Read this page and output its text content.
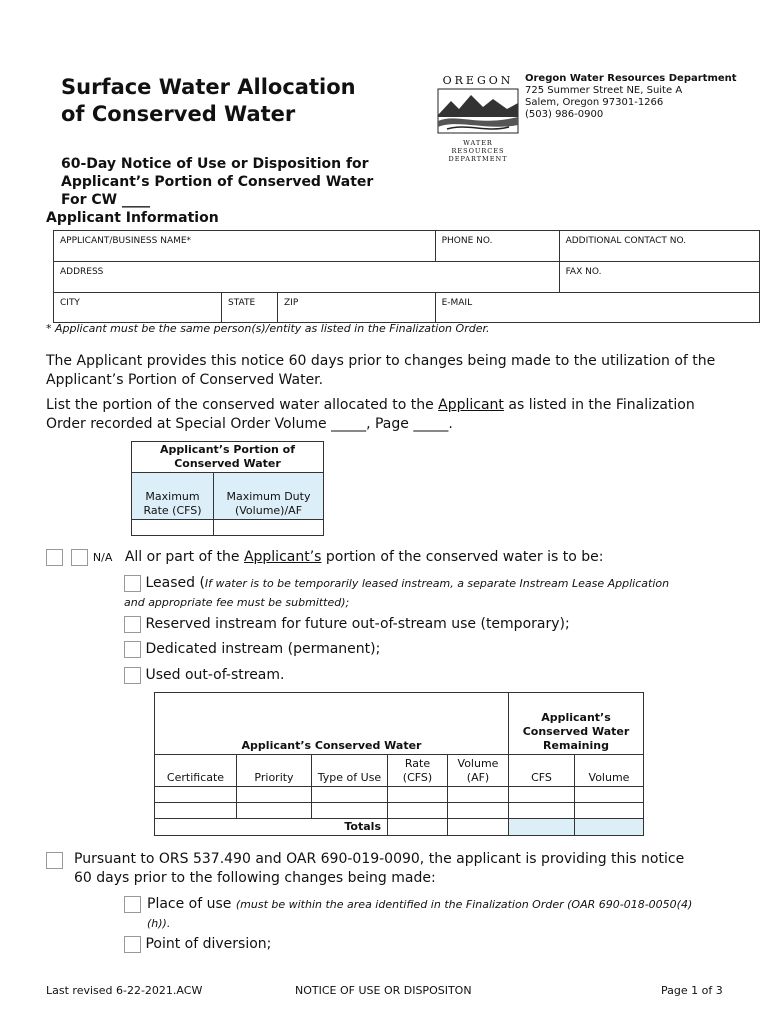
Surface Water Allocation of Conserved Water
60-Day Notice of Use or Disposition for Applicant’s Portion of Conserved Water For CW ____
OREGON
WATER RESOURCES
DEPARTMENT
Oregon Water Resources Department
725 Summer Street NE, Suite A
Salem, Oregon 97301-1266
(503) 986-0900
Applicant Information
APPLICANT/BUSINESS NAME*			PHONE NO.	ADDITIONAL CONTACT NO.
ADDRESS				FAX NO.
CITY	STATE	ZIP	E-MAIL	
* Applicant must be the same person(s)/entity as listed in the Finalization Order.
The Applicant provides this notice 60 days prior to changes being made to the utilization of the Applicant’s Portion of Conserved Water.
List the portion of the conserved water allocated to the Applicant as listed in the Finalization Order recorded at Special Order Volume _____, Page _____.
Applicant’s Portion of Conserved Water	
Maximum Rate (CFS)	Maximum Duty (Volume)/AF

N/A All or part of the Applicant’s portion of the conserved water is to be:
Leased (If water is to be temporarily leased instream, a separate Instream Lease Application and appropriate fee must be submitted);
Reserved instream for future out-of-stream use (temporary);
Dedicated instream (permanent);
Used out-of-stream.
Applicant’s Conserved Water					Applicant’s Conserved Water Remaining	
Certificate	Priority	Type of Use	Rate (CFS)	Volume (AF)	CFS	Volume

Totals						
Pursuant to ORS 537.490 and OAR 690-019-0090, the applicant is providing this notice 60 days prior to the following changes being made:
Place of use (must be within the area identified in the Finalization Order (OAR 690-018-0050(4)(h)).
Point of diversion;
Last revised 6-22-2021.ACW	NOTICE OF USE OR DISPOSITON	Page 1 of 3
